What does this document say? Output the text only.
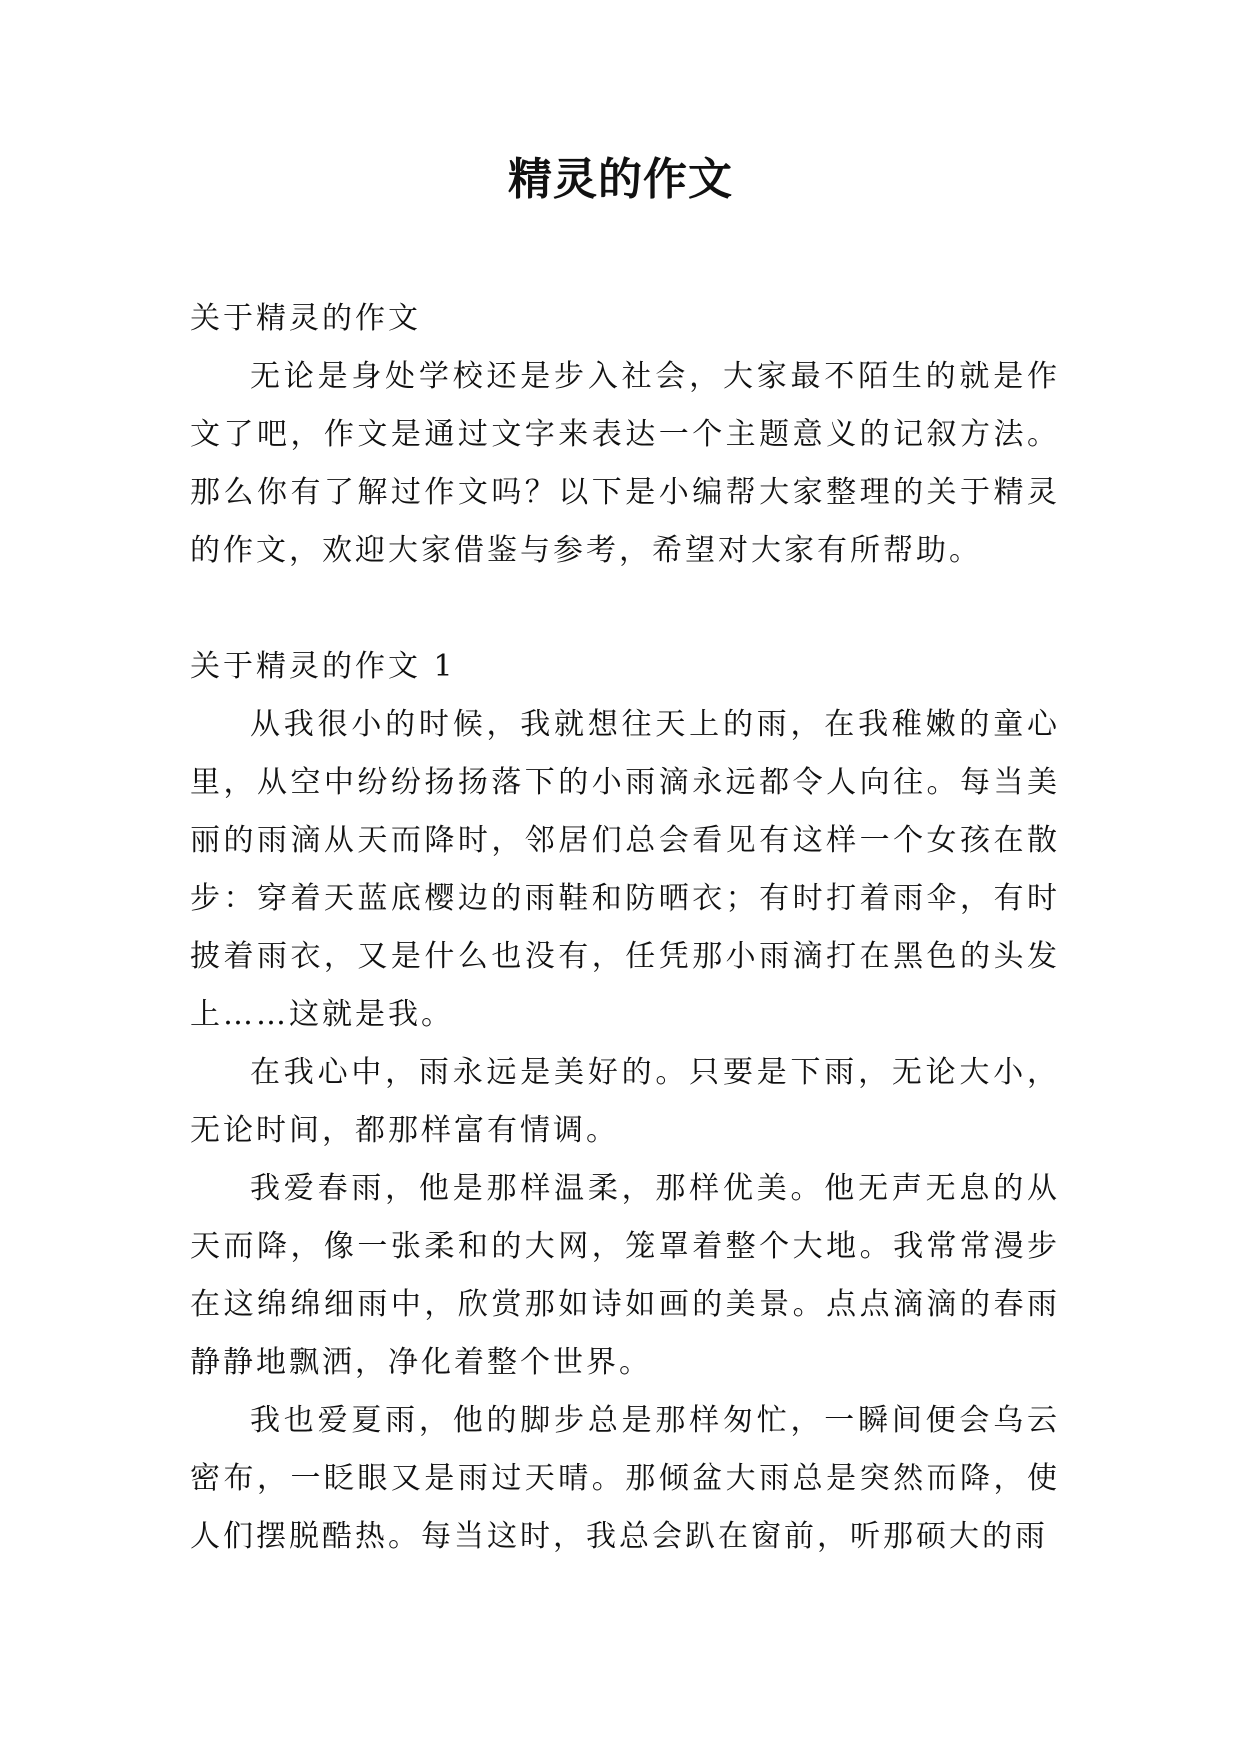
精灵的作文

关于精灵的作文

无论是身处学校还是步入社会，大家最不陌生的就是作文了吧，作文是通过文字来表达一个主题意义的记叙方法。那么你有了解过作文吗？以下是小编帮大家整理的关于精灵的作文，欢迎大家借鉴与参考，希望对大家有所帮助。

关于精灵的作文 1

从我很小的时候，我就想往天上的雨，在我稚嫩的童心里，从空中纷纷扬扬落下的小雨滴永远都令人向往。每当美丽的雨滴从天而降时，邻居们总会看见有这样一个女孩在散步：穿着天蓝底樱边的雨鞋和防晒衣；有时打着雨伞，有时披着雨衣，又是什么也没有，任凭那小雨滴打在黑色的头发上……这就是我。

在我心中，雨永远是美好的。只要是下雨，无论大小，无论时间，都那样富有情调。

我爱春雨，他是那样温柔，那样优美。他无声无息的从天而降，像一张柔和的大网，笼罩着整个大地。我常常漫步在这绵绵细雨中，欣赏那如诗如画的美景。点点滴滴的春雨静静地飘洒，净化着整个世界。

我也爱夏雨，他的脚步总是那样匆忙，一瞬间便会乌云密布，一眨眼又是雨过天晴。那倾盆大雨总是突然而降，使人们摆脱酷热。每当这时，我总会趴在窗前，听那硕大的雨
